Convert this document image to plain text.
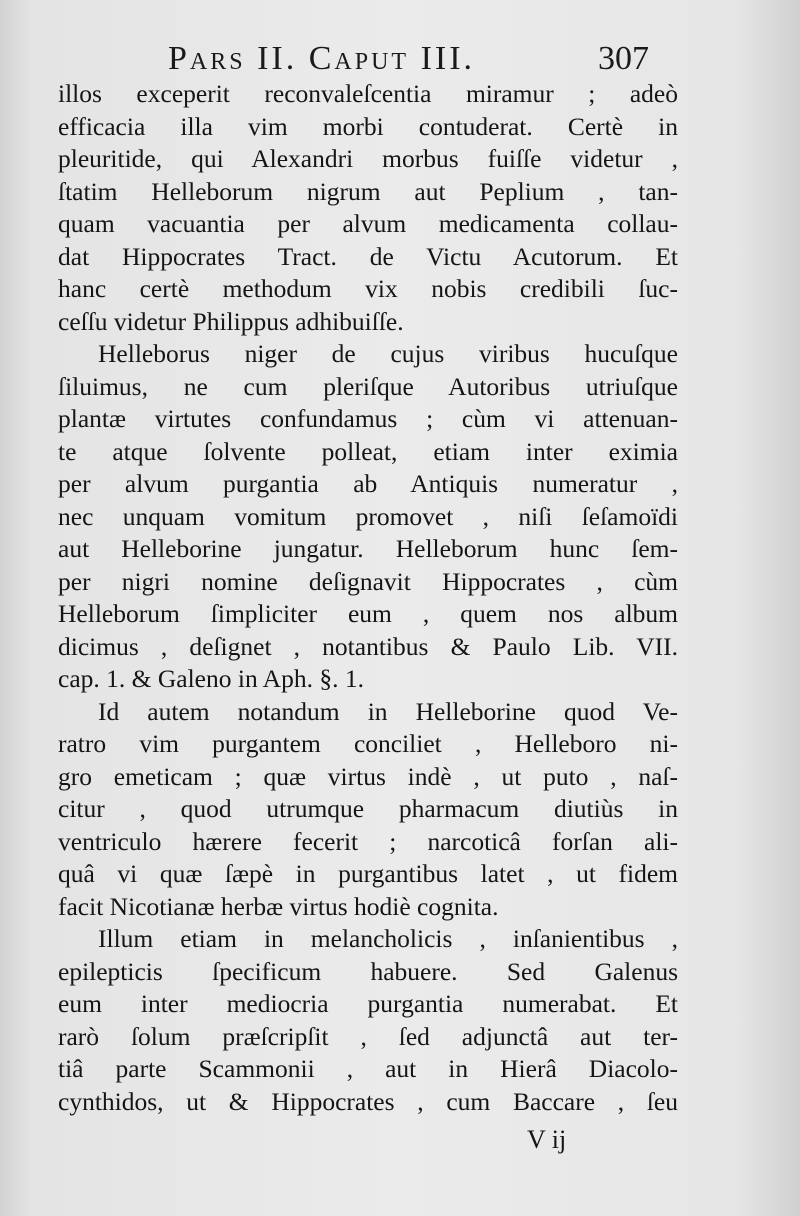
Pars II. Caput III.	307
illos exceperit reconvaleſcentia miramur ; adeò
efficacia illa vim morbi contuderat. Certè in
pleuritide, qui Alexandri morbus fuiſſe videtur ,
ſtatim Helleborum nigrum aut Peplium , tan-
quam vacuantia per alvum medicamenta collau-
dat Hippocrates Tract. de Victu Acutorum. Et
hanc certè methodum vix nobis credibili ſuc-
ceſſu videtur Philippus adhibuiſſe.
Helleborus niger de cujus viribus hucuſque
ſiluimus, ne cum pleriſque Autoribus utriuſque
plantæ virtutes confundamus ; cùm vi attenuan-
te atque ſolvente polleat, etiam inter eximia
per alvum purgantia ab Antiquis numeratur ,
nec unquam vomitum promovet , niſi ſeſamoïdi
aut Helleborine jungatur. Helleborum hunc ſem-
per nigri nomine deſignavit Hippocrates , cùm
Helleborum ſimpliciter eum , quem nos album
dicimus , deſignet , notantibus & Paulo Lib. VII.
cap. 1. & Galeno in Aph. §. 1.
Id autem notandum in Helleborine quod Ve-
ratro vim purgantem conciliet , Helleboro ni-
gro emeticam ; quæ virtus indè , ut puto , naſ-
citur , quod utrumque pharmacum diutiùs in
ventriculo hærere fecerit ; narcoticâ forſan ali-
quâ vi quæ ſæpè in purgantibus latet , ut fidem
facit Nicotianæ herbæ virtus hodiè cognita.
Illum etiam in melancholicis , inſanientibus ,
epilepticis ſpecificum habuere. Sed Galenus
eum inter mediocria purgantia numerabat. Et
rarò ſolum præſcripſit , ſed adjunctâ aut ter-
tiâ parte Scammonii , aut in Hierâ Diacolo-
cynthidos, ut & Hippocrates , cum Baccare , ſeu
V ij
